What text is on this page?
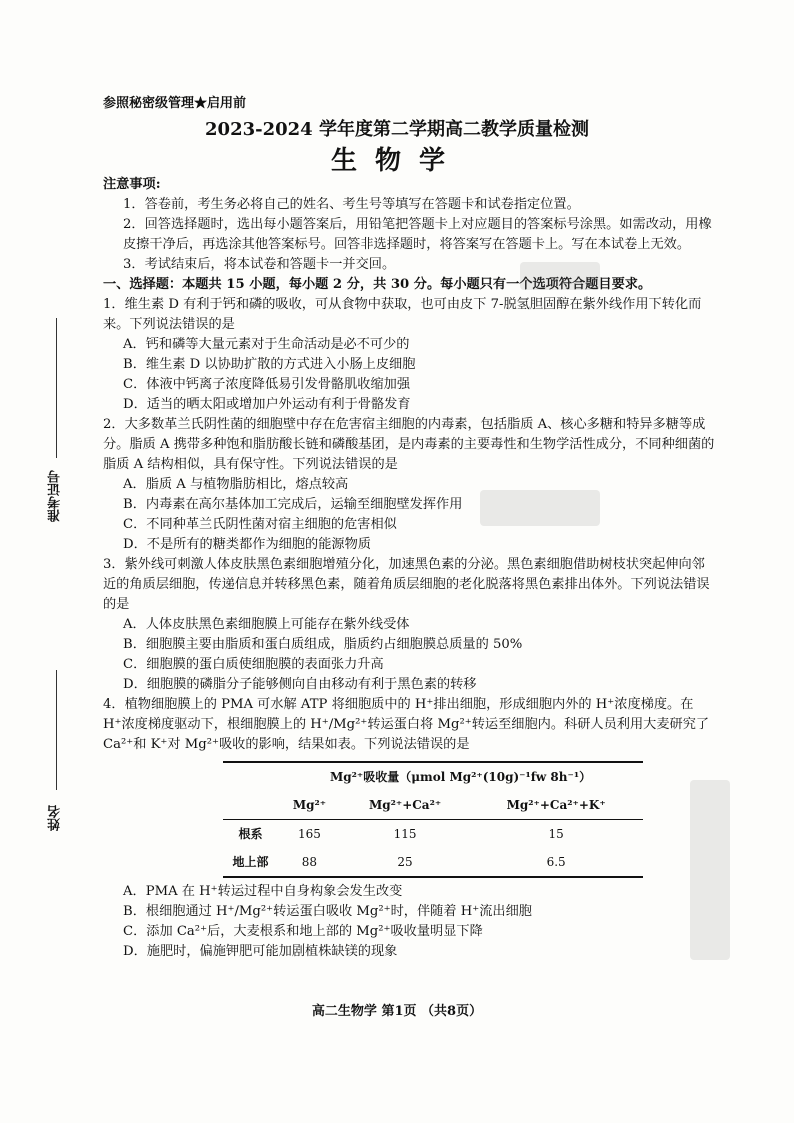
准考证号
姓名
参照秘密级管理★启用前
2023-2024 学年度第二学期高二教学质量检测
生物学

注意事项:

1．答卷前，考生务必将自己的姓名、考生号等填写在答题卡和试卷指定位置。

2．回答选择题时，选出每小题答案后，用铅笔把答题卡上对应题目的答案标号涂黑。如需改动，用橡皮擦干净后，再选涂其他答案标号。回答非选择题时，将答案写在答题卡上。写在本试卷上无效。

3．考试结束后，将本试卷和答题卡一并交回。

一、选择题：本题共 15 小题，每小题 2 分，共 30 分。每小题只有一个选项符合题目要求。

1．维生素 D 有利于钙和磷的吸收，可从食物中获取，也可由皮下 7-脱氢胆固醇在紫外线作用下转化而来。下列说法错误的是

A．钙和磷等大量元素对于生命活动是必不可少的

B．维生素 D 以协助扩散的方式进入小肠上皮细胞

C．体液中钙离子浓度降低易引发骨骼肌收缩加强

D．适当的晒太阳或增加户外运动有利于骨骼发育

2．大多数革兰氏阴性菌的细胞壁中存在危害宿主细胞的内毒素，包括脂质 A、核心多糖和特异多糖等成分。脂质 A 携带多种饱和脂肪酸长链和磷酸基团，是内毒素的主要毒性和生物学活性成分，不同种细菌的脂质 A 结构相似，具有保守性。下列说法错误的是

A．脂质 A 与植物脂肪相比，熔点较高

B．内毒素在高尔基体加工完成后，运输至细胞壁发挥作用

C．不同种革兰氏阴性菌对宿主细胞的危害相似

D．不是所有的糖类都作为细胞的能源物质

3．紫外线可刺激人体皮肤黑色素细胞增殖分化，加速黑色素的分泌。黑色素细胞借助树枝状突起伸向邻近的角质层细胞，传递信息并转移黑色素，随着角质层细胞的老化脱落将黑色素排出体外。下列说法错误的是

A．人体皮肤黑色素细胞膜上可能存在紫外线受体

B．细胞膜主要由脂质和蛋白质组成，脂质约占细胞膜总质量的 50%

C．细胞膜的蛋白质使细胞膜的表面张力升高

D．细胞膜的磷脂分子能够侧向自由移动有利于黑色素的转移

4．植物细胞膜上的 PMA 可水解 ATP 将细胞质中的 H⁺排出细胞，形成细胞内外的 H⁺浓度梯度。在 H⁺浓度梯度驱动下，根细胞膜上的 H⁺/Mg²⁺转运蛋白将 Mg²⁺转运至细胞内。科研人员利用大麦研究了 Ca²⁺和 K⁺对 Mg²⁺吸收的影响，结果如表。下列说法错误的是

	Mg²⁺吸收量（μmol Mg²⁺(10g)⁻¹fw 8h⁻¹）		
	Mg²⁺	Mg²⁺+Ca²⁺	Mg²⁺+Ca²⁺+K⁺
根系	165	115	15
地上部	88	25	6.5

A．PMA 在 H⁺转运过程中自身构象会发生改变

B．根细胞通过 H⁺/Mg²⁺转运蛋白吸收 Mg²⁺时，伴随着 H⁺流出细胞

C．添加 Ca²⁺后，大麦根系和地上部的 Mg²⁺吸收量明显下降

D．施肥时，偏施钾肥可能加剧植株缺镁的现象

高二生物学 第1页 （共8页）
